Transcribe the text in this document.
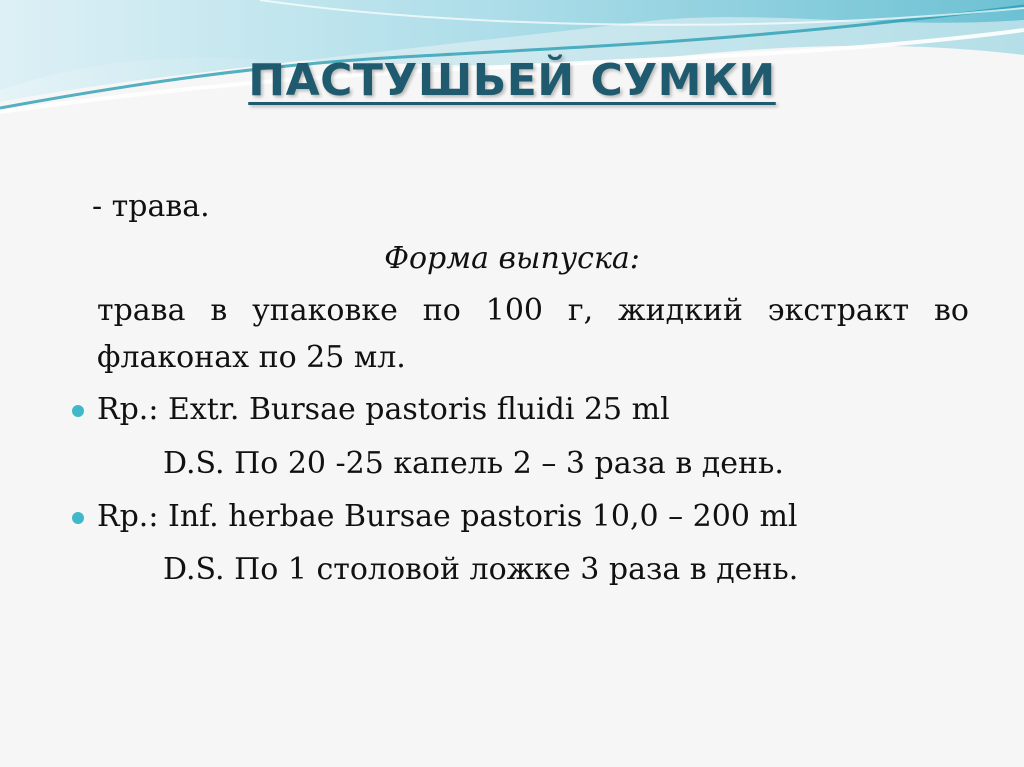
ПАСТУШЬЕЙ СУМКИ

- трава.

Форма выпуска:

трава в упаковке по 100 г, жидкий экстракт во

флаконах по 25 мл.

Rp.: Extr. Bursae pastoris fluidi 25 ml

D.S. По 20 -25 капель 2 – 3 раза в день.

Rp.: Inf. herbae Bursae pastoris 10,0 – 200 ml

D.S. По 1 столовой ложке 3 раза в день.
